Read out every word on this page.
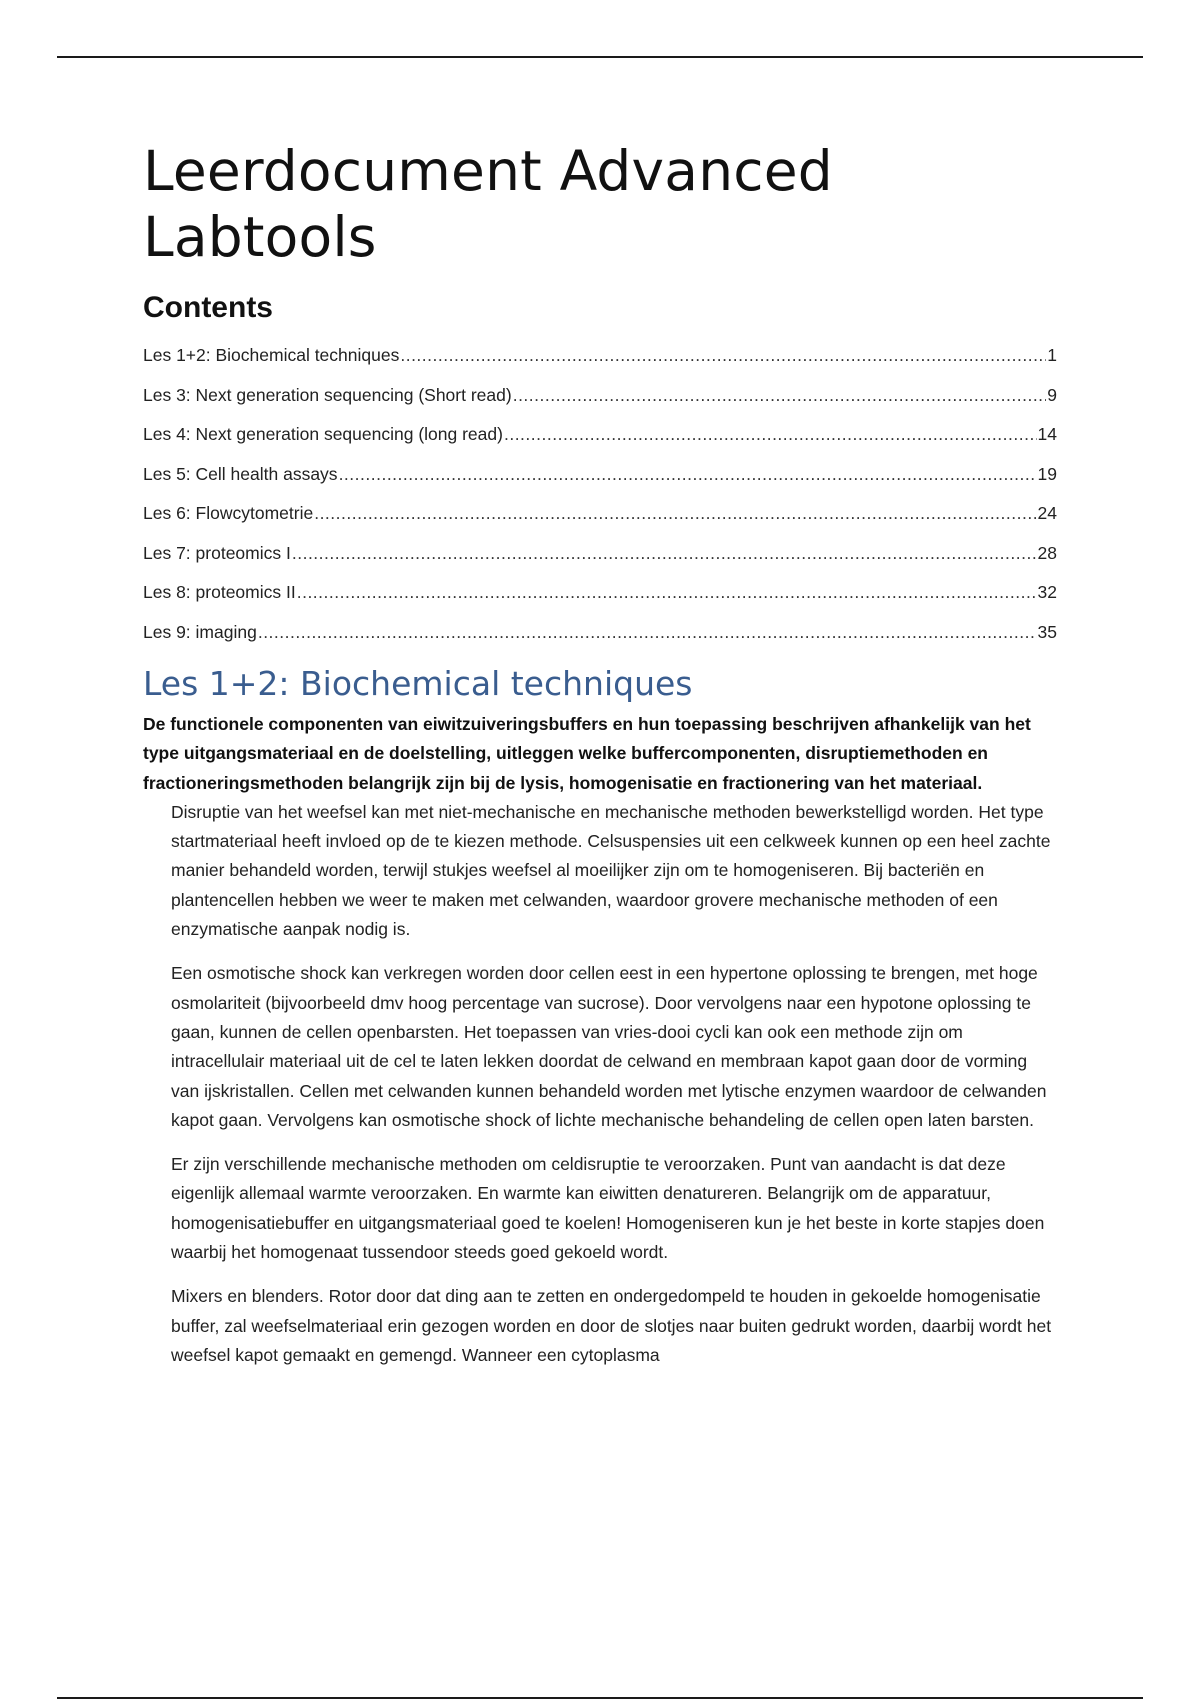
Leerdocument Advanced Labtools
Contents
Les 1+2: Biochemical techniques .....	1
Les 3: Next generation sequencing (Short read) .....	9
Les 4: Next generation sequencing (long read) .....	14
Les 5: Cell health assays .....	19
Les 6: Flowcytometrie .....	24
Les 7: proteomics I .....	28
Les 8: proteomics II .....	32
Les 9: imaging .....	35
Les 1+2: Biochemical techniques

De functionele componenten van eiwitzuiveringsbuffers en hun toepassing beschrijven afhankelijk van het type uitgangsmateriaal en de doelstelling, uitleggen welke buffercomponenten, disruptiemethoden en fractioneringsmethoden belangrijk zijn bij de lysis, homogenisatie en fractionering van het materiaal.

Disruptie van het weefsel kan met niet-mechanische en mechanische methoden bewerkstelligd worden. Het type startmateriaal heeft invloed op de te kiezen methode. Celsuspensies uit een celkweek kunnen op een heel zachte manier behandeld worden, terwijl stukjes weefsel al moeilijker zijn om te homogeniseren. Bij bacteriën en plantencellen hebben we weer te maken met celwanden, waardoor grovere mechanische methoden of een enzymatische aanpak nodig is.

Een osmotische shock kan verkregen worden door cellen eest in een hypertone oplossing te brengen, met hoge osmolariteit (bijvoorbeeld dmv hoog percentage van sucrose). Door vervolgens naar een hypotone oplossing te gaan, kunnen de cellen openbarsten. Het toepassen van vries-dooi cycli kan ook een methode zijn om intracellulair materiaal uit de cel te laten lekken doordat de celwand en membraan kapot gaan door de vorming van ijskristallen. Cellen met celwanden kunnen behandeld worden met lytische enzymen waardoor de celwanden kapot gaan. Vervolgens kan osmotische shock of lichte mechanische behandeling de cellen open laten barsten.

Er zijn verschillende mechanische methoden om celdisruptie te veroorzaken. Punt van aandacht is dat deze eigenlijk allemaal warmte veroorzaken. En warmte kan eiwitten denatureren. Belangrijk om de apparatuur, homogenisatiebuffer en uitgangsmateriaal goed te koelen! Homogeniseren kun je het beste in korte stapjes doen waarbij het homogenaat tussendoor steeds goed gekoeld wordt.

Mixers en blenders. Rotor door dat ding aan te zetten en ondergedompeld te houden in gekoelde homogenisatie buffer, zal weefselmateriaal erin gezogen worden en door de slotjes naar buiten gedrukt worden, daarbij wordt het weefsel kapot gemaakt en gemengd. Wanneer een cytoplasma
